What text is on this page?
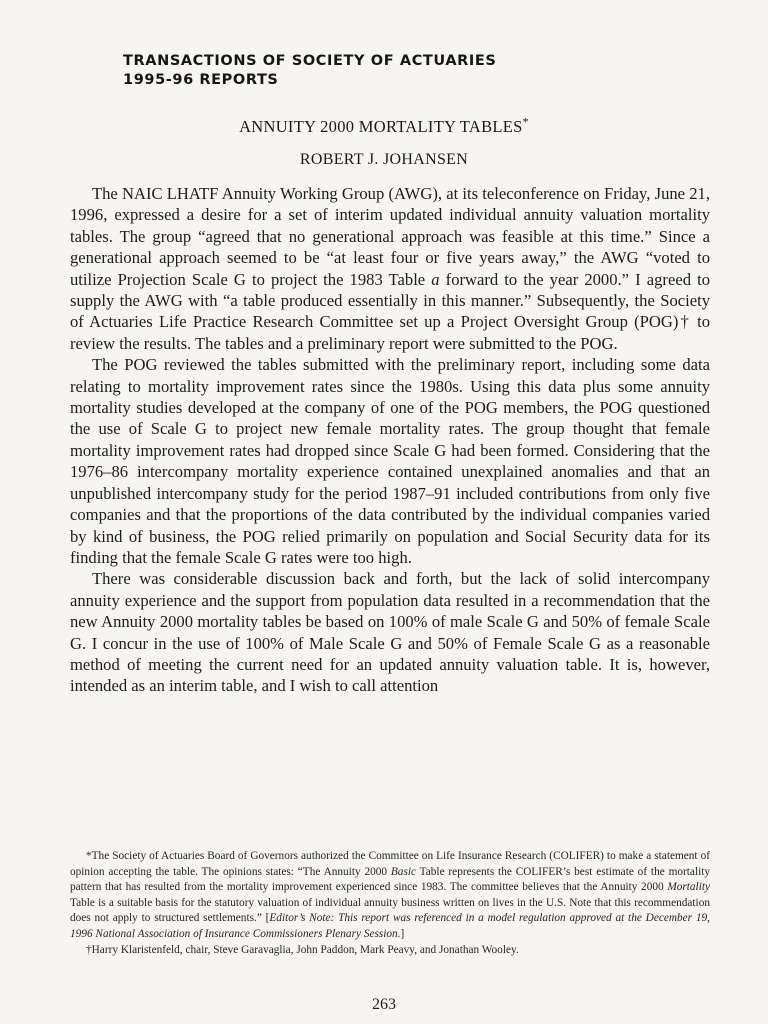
TRANSACTIONS OF SOCIETY OF ACTUARIES
1995-96 REPORTS
ANNUITY 2000 MORTALITY TABLES*
ROBERT J. JOHANSEN

The NAIC LHATF Annuity Working Group (AWG), at its teleconference on Friday, June 21, 1996, expressed a desire for a set of interim updated individual annuity valuation mortality tables. The group “agreed that no generational approach was feasible at this time.” Since a generational approach seemed to be “at least four or five years away,” the AWG “voted to utilize Projection Scale G to project the 1983 Table a forward to the year 2000.” I agreed to supply the AWG with “a table produced essentially in this manner.” Subsequently, the Society of Actuaries Life Practice Research Committee set up a Project Oversight Group (POG)† to review the results. The tables and a preliminary report were submitted to the POG.

The POG reviewed the tables submitted with the preliminary report, including some data relating to mortality improvement rates since the 1980s. Using this data plus some annuity mortality studies developed at the company of one of the POG members, the POG questioned the use of Scale G to project new female mortality rates. The group thought that female mortality improvement rates had dropped since Scale G had been formed. Considering that the 1976–86 intercompany mortality experience contained unexplained anomalies and that an unpublished intercompany study for the period 1987–91 included contributions from only five companies and that the proportions of the data contributed by the individual companies varied by kind of business, the POG relied primarily on population and Social Security data for its finding that the female Scale G rates were too high.

There was considerable discussion back and forth, but the lack of solid intercompany annuity experience and the support from population data resulted in a recommendation that the new Annuity 2000 mortality tables be based on 100% of male Scale G and 50% of female Scale G. I concur in the use of 100% of Male Scale G and 50% of Female Scale G as a reasonable method of meeting the current need for an updated annuity valuation table. It is, however, intended as an interim table, and I wish to call attention

*The Society of Actuaries Board of Governors authorized the Committee on Life Insurance Research (COLIFER) to make a statement of opinion accepting the table. The opinions states: “The Annuity 2000 Basic Table represents the COLIFER’s best estimate of the mortality pattern that has resulted from the mortality improvement experienced since 1983. The committee believes that the Annuity 2000 Mortality Table is a suitable basis for the statutory valuation of individual annuity business written on lives in the U.S. Note that this recommendation does not apply to structured settlements.” [Editor’s Note: This report was referenced in a model regulation approved at the December 19, 1996 National Association of Insurance Commissioners Plenary Session.]

†Harry Klaristenfeld, chair, Steve Garavaglia, John Paddon, Mark Peavy, and Jonathan Wooley.

263
